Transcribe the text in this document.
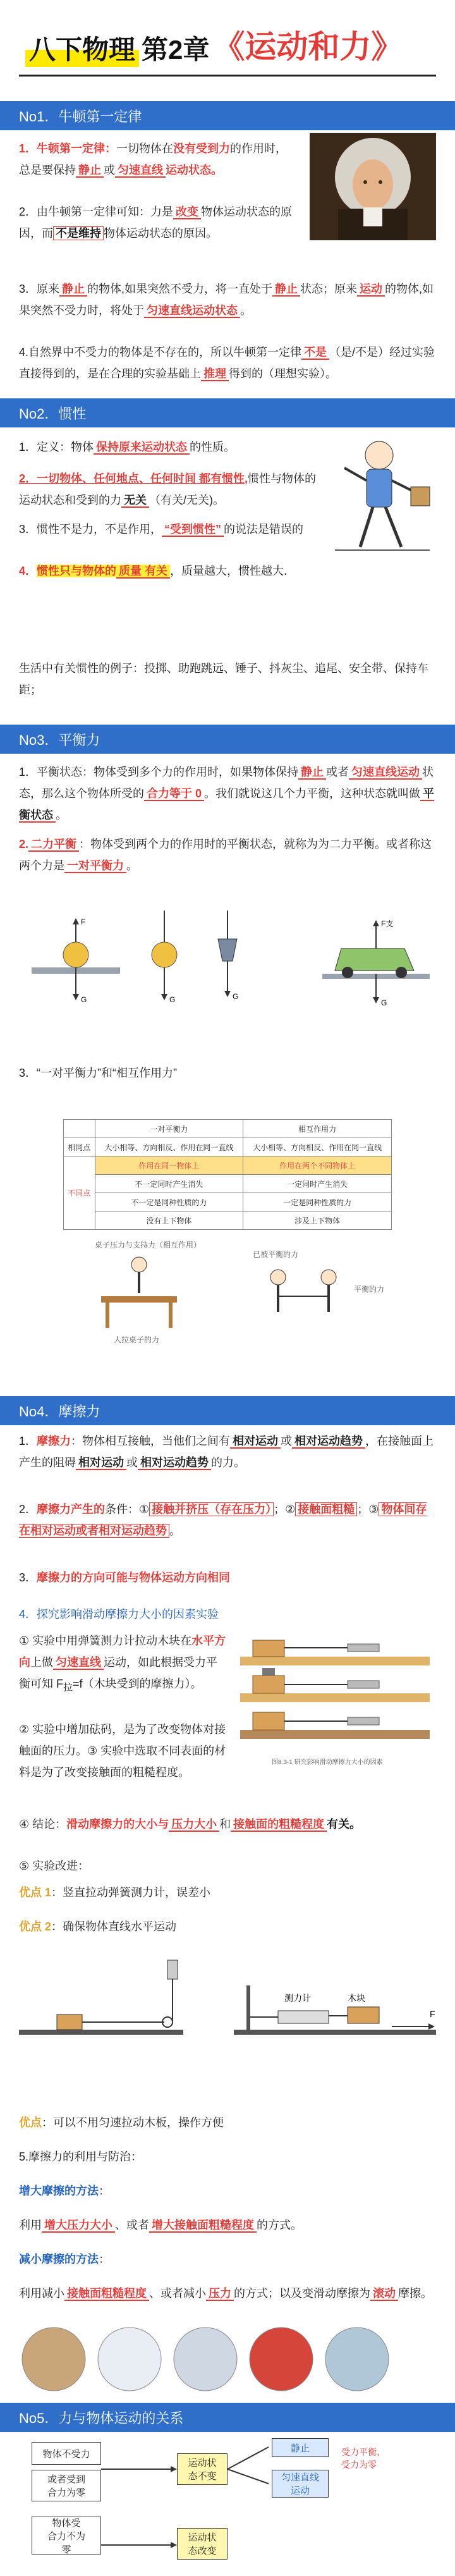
八下物理 第2章 《运动和力》
No1．牛顿第一定律
1．牛顿第一定律：一切物体在没有受到力的作用时，总是要保持 静止 或 匀速直线 运动状态。
2．由牛顿第一定律可知：力是 改变 物体运动状态的原因，而 不是维持 物体运动状态的原因。
3．原来 静止 的物体,如果突然不受力，将一直处于 静止 状态；原来 运动 的物体,如果突然不受力时，将处于 匀速直线运动状态 。
4.自然界中不受力的物体是不存在的，所以牛顿第一定律 不是 （是/不是）经过实验直接得到的，是在合理的实验基础上 推理 得到的（理想实验）。
No2．惯性
1．定义：物体 保持原来运动状态 的性质。
2．一切物体、任何地点、任何时间 都有惯性,惯性与物体的运动状态和受到的力 无关 （有关/无关)。
3．惯性不是力，不是作用， “受到惯性” 的说法是错误的
4．惯性只与物体的 质量 有关 ，质量越大，惯性越大．
生活中有关惯性的例子：投掷、助跑跳远、锤子、抖灰尘、追尾、安全带、保持车距；
No3．平衡力
1．平衡状态：物体受到多个力的作用时，如果物体保持 静止 或者 匀速直线运动 状态，那么这个物体所受的 合力等于 0 。我们就说这几个力平衡，这种状态就叫做 平衡状态 。
2. 二力平衡 ：物体受到两个力的作用时的平衡状态，就称为为二力平衡。或者称这两个力是 一对平衡力 。
F
G	G	G
F支
G
3．“一对平衡力”和“相互作用力”
	一对平衡力	相互作用力
相同点	大小相等、方向相反、作用在同一直线	大小相等、方向相反、作用在同一直线
不同点	作用在同一物体上	作用在两个不同物体上
	不一定同时产生消失	一定同时产生消失
	不一定是同种性质的力	一定是同种性质的力
	没有上下物体	涉及上下物体
桌子压力与支持力（相互作用）
人拉桌子的力
已被平衡的力
平衡的力
No4．摩擦力
1．摩擦力：物体相互接触，当他们之间有 相对运动 或 相对运动趋势 ，在接触面上产生的阻碍 相对运动 或 相对运动趋势 的力。
2．摩擦力产生的条件：① 接触并挤压（存在压力） ；② 接触面粗糙 ；③ 物体间存在相对运动或者相对运动趋势 。
3．摩擦力的方向可能与物体运动方向相同
4．探究影响滑动摩擦力大小的因素实验
① 实验中用弹簧测力计拉动木块在水平方向上做 匀速直线 运动，如此根据受力平衡可知 $F_拉=f$（木块受到的摩擦力）。
图8.3-1 研究影响滑动摩擦力大小的因素
② 实验中增加砝码，是为了改变物体对接触面的压力。③ 实验中选取不同表面的材料是为了改变接触面的粗糙程度。
④ 结论：滑动摩擦力的大小与 压力大小 和 接触面的粗糙程度 有关。
⑤ 实验改进：
优点 1：竖直拉动弹簧测力计，误差小
优点 2：确保物体直线水平运动
测力计	木块
F
优点：可以不用匀速拉动木板，操作方便
5.摩擦力的利用与防治：
增大摩擦的方法：
利用 增大压力大小 、或者 增大接触面粗糙程度 的方式。
减小摩擦的方法：
利用减小 接触面粗糙程度 、或者减小 压力 的方式；以及变滑动摩擦为 滚动 摩擦。
No5．力与物体运动的关系
物体不受力
或者受到
合力为零
运动状
态不变
静止
匀速直线
运动
受力平衡、
受力为零
物体受
合力不为
零
运动状
态改变
